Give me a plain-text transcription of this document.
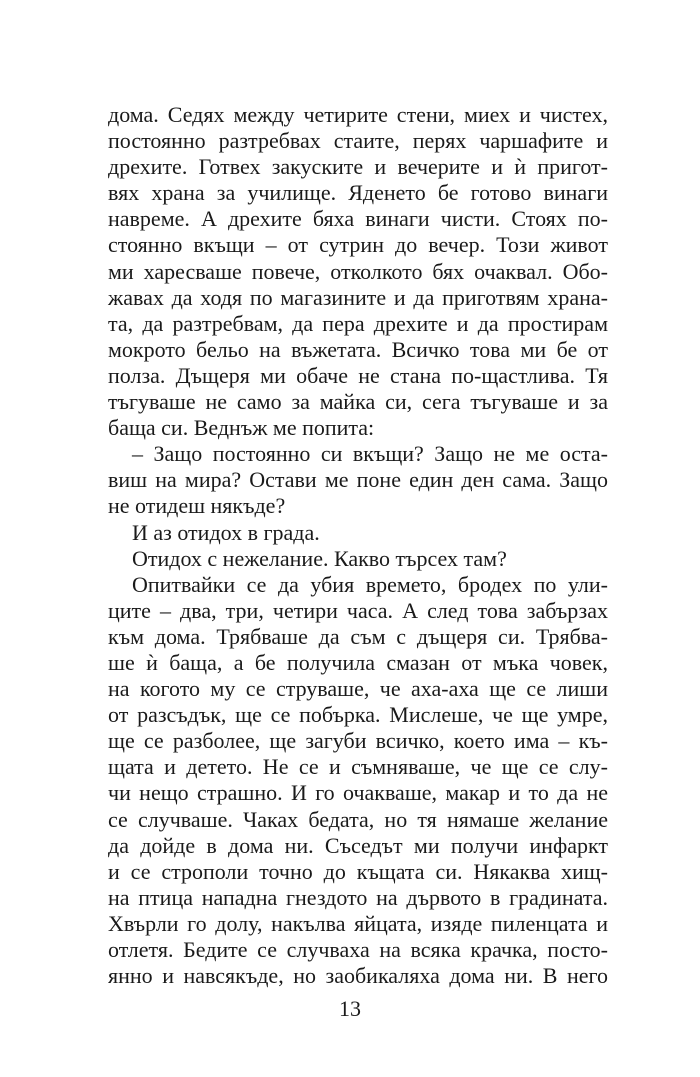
дома. Седях между четирите стени, миех и чистех,
постоянно разтребвах стаите, перях чаршафите и
дрехите. Готвех закуските и вечерите и ѝ пригот-
вях храна за училище. Яденето бе готово винаги
навреме. А дрехите бяха винаги чисти. Стоях по-
стоянно вкъщи – от сутрин до вечер. Този живот
ми харесваше повече, отколкото бях очаквал. Обо-
жавах да ходя по магазините и да приготвям храна-
та, да разтребвам, да пера дрехите и да простирам
мокрото бельо на въжетата. Всичко това ми бе от
полза. Дъщеря ми обаче не стана по-щастлива. Тя
тъгуваше не само за майка си, сега тъгуваше и за
баща си. Веднъж ме попита:
– Защо постоянно си вкъщи? Защо не ме оста-
виш на мира? Остави ме поне един ден сама. Защо
не отидеш някъде?
И аз отидох в града.
Отидох с нежелание. Какво търсех там?
Опитвайки се да убия времето, бродех по ули-
ците – два, три, четири часа. А след това забързах
към дома. Трябваше да съм с дъщеря си. Трябва-
ше ѝ баща, а бе получила смазан от мъка човек,
на когото му се струваше, че аха-аха ще се лиши
от разсъдък, ще се побърка. Мислеше, че ще умре,
ще се разболее, ще загуби всичко, което има – къ-
щата и детето. Не се и съмняваше, че ще се слу-
чи нещо страшно. И го очакваше, макар и то да не
се случваше. Чаках бедата, но тя нямаше желание
да дойде в дома ни. Съседът ми получи инфаркт
и се строполи точно до къщата си. Някаква хищ-
на птица нападна гнездото на дървото в градината.
Хвърли го долу, накълва яйцата, изяде пиленцата и
отлетя. Бедите се случваха на всяка крачка, посто-
янно и навсякъде, но заобикаляха дома ни. В него
13
